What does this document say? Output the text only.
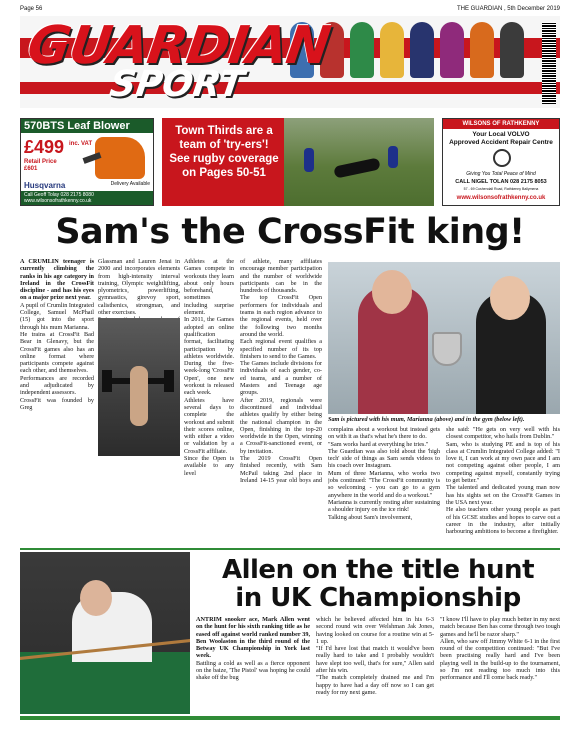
Page 56	THE GUARDIAN , 5th December 2019
GUARDIAN
SPORT
570BTS Leaf Blower
£499 inc. VAT
Retail Price
£601
Husqvarna	Delivery Available
Call Geoff Tolay 028 2175 8080
www.wilsonsofrathkenny.co.uk

Town Thirds are a team of 'try-ers'! See rugby coverage on Pages 50-51

WILSONS OF RATHKENNY
Your Local VOLVO
Approved Accident Repair Centre
Giving You Total Peace of Mind
CALL NIGEL TOLAN 028 2175 8053
57 - 69 Cushendall Road, Rathkenny Ballymena
www.wilsonsofrathkenny.co.uk
Sam's the CrossFit king!

A CRUMLIN teenager is currently climbing the ranks in his age category in Ireland in the CrossFit discipline - and has his eyes on a major prize next year.

A pupil of Crumlin Integrated College, Samuel McPhail (15) got into the sport through his mum Marianna.

He trains at CrossFit Bad Bear in Glenavy, but the CrossFit games also has an online format where participants compete against each other, and themselves.

Performances are recorded and adjudicated by independent assessors.

CrossFit was founded by Greg

Glassman and Lauren Jenai in 2000 and incorporates elements from high-intensity interval training, Olympic weightlifting, plyometrics, powerlifting, gymnastics, girevoy sport, calisthenics, strongman, and other exercises.

Athletes at the Games compete in workouts they learn about only hours beforehand, sometimes including surprise element.

In 2011, the Games adopted an online qualification format, facilitating participation by athletes worldwide. During the five-week-long 'CrossFit Open', one new workout is released each week.

Athletes have several days to complete the workout and submit their scores online, with either a video or validation by a CrossFit affiliate.

Since the Open is available to any level

of athlete, many affiliates encourage member participation and the number of worldwide participants can be in the hundreds of thousands.

The top CrossFit Open performers for individuals and teams in each region advance to the regional events, held over the following two months around the world.

Each regional event qualifies a specified number of its top finishers to send to the Games.

The Games include divisions for individuals of each gender, co-ed teams, and a number of Masters and Teenage age groups.

After 2019, regionals were discontinued and individual athletes qualify by either being the national champion in the Open, finishing in the top-20 worldwide in the Open, winning a CrossFit-sanctioned event, or by invitation.

The 2019 CrossFit Open finished recently, with Sam McPail taking 2nd place in Ireland 14-15 year old boys and

Sam is pictured with his mum, Marianna (above) and in the gym (below left).

complains about a workout but instead gets on with it as that's what he's there to do.

"Sam works hard at everything he tries."

The Guardian was also told about the 'high tech' side of things as Sam sends videos to his coach over Instagram.

Mum of three Marianna, who works two jobs continued: "The CrossFit community is so welcoming - you can go to a gym anywhere in the world and do a workout."

Marianna is currently resting after sustaining a shoulder injury on the ice rink!

Talking about Sam's involvement,

she said: "He gets on very well with his closest competitor, who hails from Dublin."

Sam, who is studying PE and is top of his class at Crumlin Integrated College added: "I love it, I can work at my own pace and I am not competing against other people, I am competing against myself, constantly trying to get better."

The talented and dedicated young man now has his sights set on the CrossFit Games in the USA next year.

He also teachers other young people as part of his GCSE studies and hopes to carve out a career in the industry, after initially harbouring ambitions to become a firefighter.

Allen on the title hunt
in UK Championship

ANTRIM snooker ace, Mark Allen went on the hunt for his sixth ranking title as he eased off against world ranked number 39, Ben Woolaston in the third round of the Betway UK Championship in York last week.

Battling a cold as well as a fierce opponent on the baize, 'The Pistol' was hoping he could shake off the bug

which he believed affected him in his 6-3 second round win over Welshman Jak Jones, having looked on course for a routine win at 5-1 up.

"If I'd have lost that match it would've been really hard to take and I probably wouldn't have slept too well, that's for sure," Allen said after his win.

"The match completely drained me and I'm happy to have had a day off now so I can get ready for my next game.

"I know I'll have to play much better in my next match because Ben has come through two tough games and he'll be razor sharp."

Allen, who saw off Jimmy White 6-1 in the first round of the competition continued: "But I've been practising really hard and I've been playing well in the build-up to the tournament, so I'm not reading too much into this performance and I'll come back ready."
